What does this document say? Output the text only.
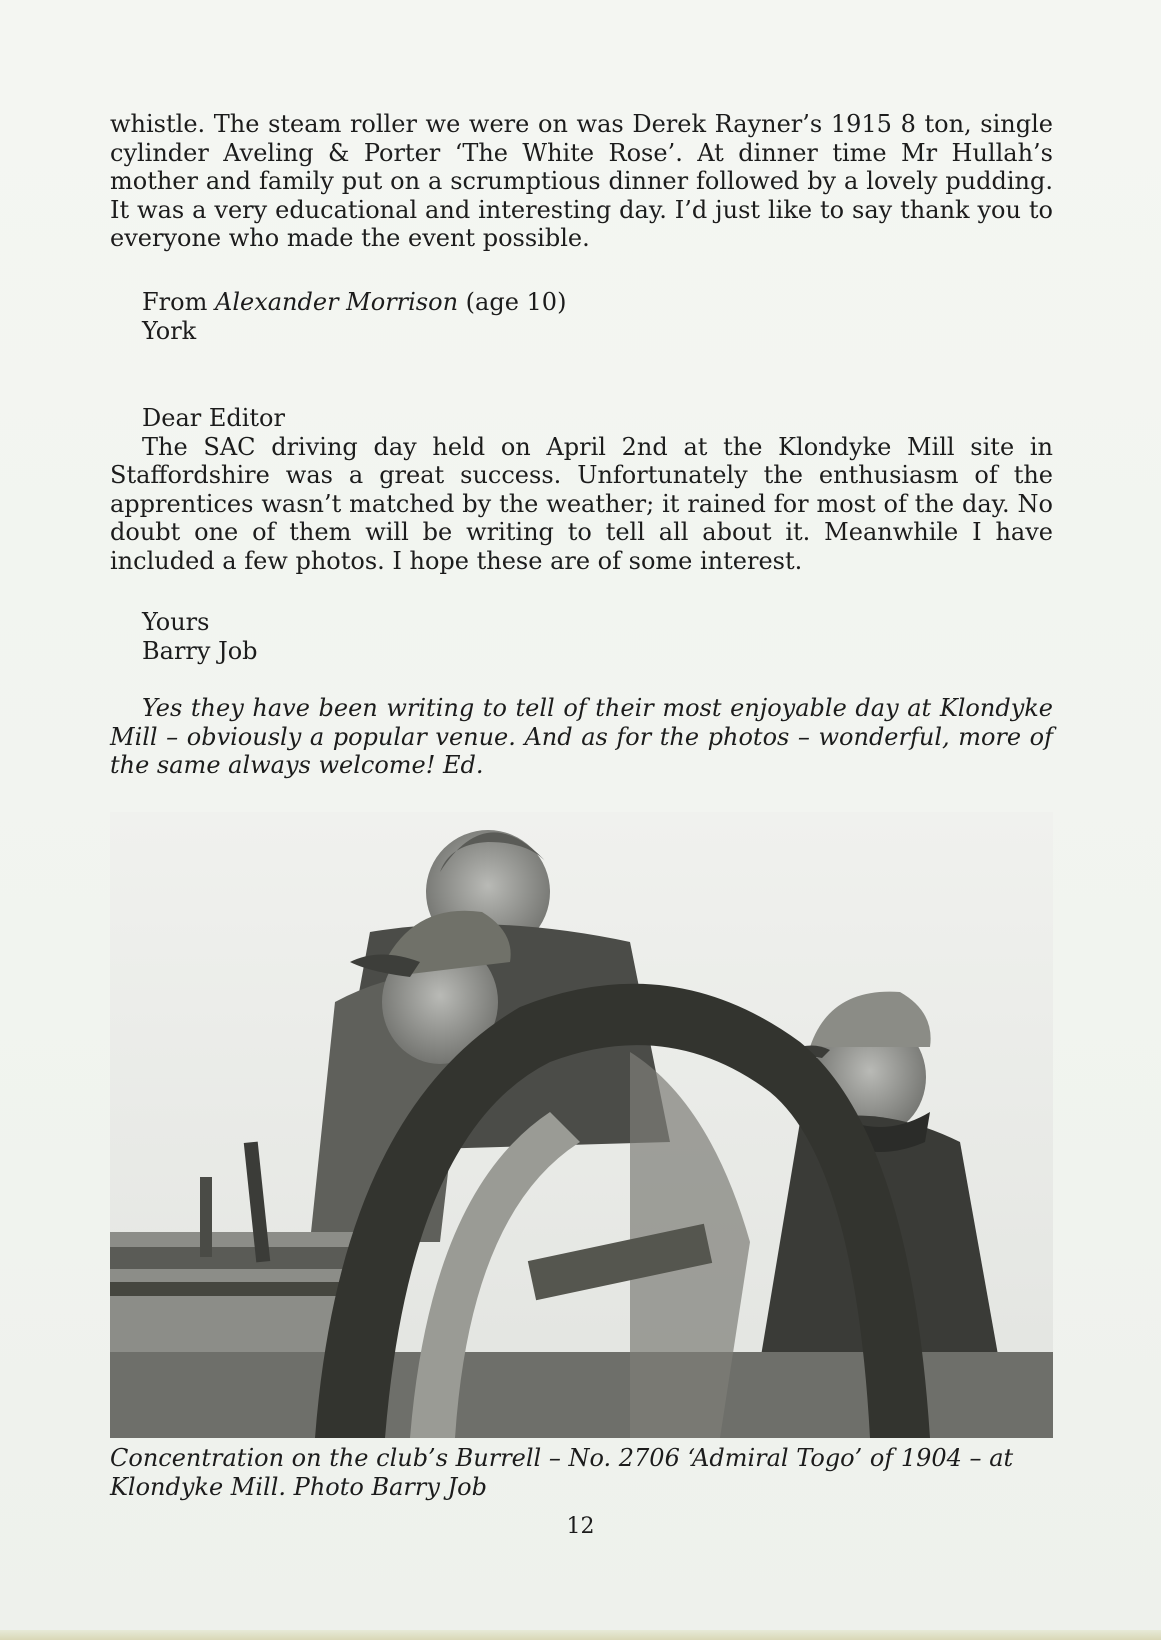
whistle. The steam roller we were on was Derek Rayner’s 1915 8 ton, single cylinder Aveling & Porter ‘The White Rose’. At dinner time Mr Hullah’s mother and family put on a scrumptious dinner followed by a lovely pudding. It was a very educational and interesting day. I’d just like to say thank you to everyone who made the event possible.

From Alexander Morrison (age 10)

York

Dear Editor

The SAC driving day held on April 2nd at the Klondyke Mill site in Staffordshire was a great success. Unfortunately the enthusiasm of the apprentices wasn’t matched by the weather; it rained for most of the day. No doubt one of them will be writing to tell all about it. Meanwhile I have included a few photos. I hope these are of some interest.

Yours

Barry Job

Yes they have been writing to tell of their most enjoyable day at Klondyke Mill – obviously a popular venue. And as for the photos – wonderful, more of the same always welcome! Ed.

Concentration on the club’s Burrell – No. 2706 ‘Admiral Togo’ of 1904 – at Klondyke Mill. Photo Barry Job
12
